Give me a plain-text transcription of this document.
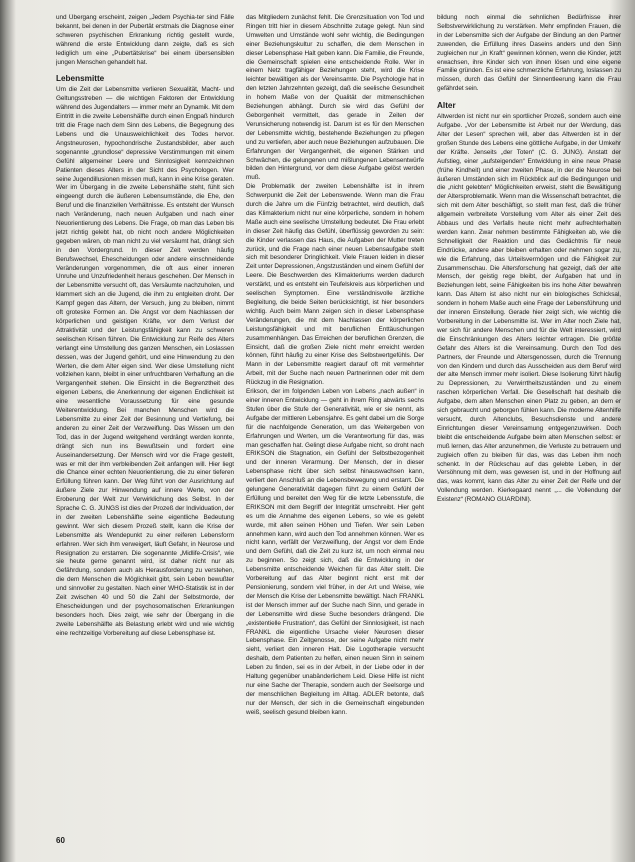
und Übergang erscheint, zeigen „Jedem Psychia-ter sind Fälle bekannt, bei denen in der Pubertät erstmals die Diagnose einer schweren psychischen Erkrankung richtig gestellt wurde, während die erste Entwicklung dann zeigte, daß es sich lediglich um eine „Pubertätskrise“ bei einem übersensiblen jungen Menschen gehandelt hat.

Lebensmitte

Um die Zeit der Lebensmitte verlieren Sexualität, Macht- und Geltungsstreben — die wichtigen Faktoren der Entwicklung während des Jugendalters — immer mehr an Dynamik. Mit dem Eintritt in die zweite Lebenshälfte durch einen Engpaß hindurch tritt die Frage nach dem Sinn des Lebens, die Begegnung des Lebens und die Unausweichlichkeit des Todes hervor. Angstneurosen, hypochondrische Zustandsbilder, aber auch sogenannte „grundlose“ depressive Verstimmungen mit einem Gefühl allgemeiner Leere und Sinnlosigkeit kennzeichnen Patienten dieses Alters in der Sicht des Psychologen. Wer seine Jugendillusionen missen muß, kann in eine Krise geraten. Wer im Übergang in die zweite Lebenshälfte steht, fühlt sich eingeengt durch die äußeren Lebensumstände, die Ehe, den Beruf und die finanziellen Verhältnisse. Es entsteht der Wunsch nach Veränderung, nach neuen Aufgaben und nach einer Neuorientierung des Lebens. Die Frage, ob man das Leben bis jetzt richtig gelebt hat, ob nicht noch andere Möglichkeiten gegeben wären, ob man nicht zu viel versäumt hat, drängt sich in den Vordergrund. In dieser Zeit werden häufig Berufswechsel, Ehescheidungen oder andere einschneidende Veränderungen vorgenommen, die oft aus einer inneren Unruhe und Unzufriedenheit heraus geschehen. Der Mensch in der Lebensmitte versucht oft, das Versäumte nachzuholen, und klammert sich an die Jugend, die ihm zu entgleiten droht. Der Kampf gegen das Altern, der Versuch, jung zu bleiben, nimmt oft groteske Formen an. Die Angst vor dem Nachlassen der körperlichen und geistigen Kräfte, vor dem Verlust der Attraktivität und der Leistungsfähigkeit kann zu schweren seelischen Krisen führen. Die Entwicklung zur Reife des Alters verlangt eine Umstellung des ganzen Menschen, ein Loslassen dessen, was der Jugend gehört, und eine Hinwendung zu den Werten, die dem Alter eigen sind. Wer diese Umstellung nicht vollziehen kann, bleibt in einer unfruchtbaren Verhaftung an die Vergangenheit stehen. Die Einsicht in die Begrenztheit des eigenen Lebens, die Anerkennung der eigenen Endlichkeit ist eine wesentliche Voraussetzung für eine gesunde Weiterentwicklung. Bei manchen Menschen wird die Lebensmitte zu einer Zeit der Besinnung und Vertiefung, bei anderen zu einer Zeit der Verzweiflung. Das Wissen um den Tod, das in der Jugend weitgehend verdrängt werden konnte, drängt sich nun ins Bewußtsein und fordert eine Auseinandersetzung. Der Mensch wird vor die Frage gestellt, was er mit der ihm verbleibenden Zeit anfangen will. Hier liegt die Chance einer echten Neuorientierung, die zu einer tieferen Erfüllung führen kann. Der Weg führt von der Ausrichtung auf äußere Ziele zur Hinwendung auf innere Werte, von der Eroberung der Welt zur Verwirklichung des Selbst. In der Sprache C. G. JUNGS ist dies der Prozeß der Individuation, der in der zweiten Lebenshälfte seine eigentliche Bedeutung gewinnt. Wer sich diesem Prozeß stellt, kann die Krise der Lebensmitte als Wendepunkt zu einer reiferen Lebensform erfahren. Wer sich ihm verweigert, läuft Gefahr, in Neurose und Resignation zu erstarren. Die sogenannte „Midlife-Crisis“, wie sie heute gerne genannt wird, ist daher nicht nur als Gefährdung, sondern auch als Herausforderung zu verstehen, die dem Menschen die Möglichkeit gibt, sein Leben bewußter und sinnvoller zu gestalten. Nach einer WHO-Statistik ist in der Zeit zwischen 40 und 50 die Zahl der Selbstmorde, der Ehescheidungen und der psychosomatischen Erkrankungen besonders hoch. Dies zeigt, wie sehr der Übergang in die zweite Lebenshälfte als Belastung erlebt wird und wie wichtig eine rechtzeitige Vorbereitung auf diese Lebensphase ist.

das Mitgliedern zunächst fehlt. Die Grenzsituation von Tod und Ringen tritt hier in diesem Abschnitte zutage gelegt. Nun sind Umwelten und Umstände wohl sehr wichtig, die Bedingungen einer Beziehungskultur zu schaffen, die dem Menschen in dieser Lebensphase Halt geben kann. Die Familie, die Freunde, die Gemeinschaft spielen eine entscheidende Rolle. Wer in einem Netz tragfähiger Beziehungen steht, wird die Krise leichter bewältigen als der Vereinsamte. Die Psychologie hat in den letzten Jahrzehnten gezeigt, daß die seelische Gesundheit in hohem Maße von der Qualität der mitmenschlichen Beziehungen abhängt. Durch sie wird das Gefühl der Geborgenheit vermittelt, das gerade in Zeiten der Verunsicherung notwendig ist. Darum ist es für den Menschen der Lebensmitte wichtig, bestehende Beziehungen zu pflegen und zu vertiefen, aber auch neue Beziehungen aufzubauen. Die Erfahrungen der Vergangenheit, die eigenen Stärken und Schwächen, die gelungenen und mißlungenen Lebensentwürfe bilden den Hintergrund, vor dem diese Aufgabe gelöst werden muß.

Die Problematik der zweiten Lebenshälfte ist in ihrem Schwerpunkt die Zeit der Lebenswende. Wenn man die Frau durch die Jahre um die Fünfzig betrachtet, wird deutlich, daß das Klimakterium nicht nur eine körperliche, sondern in hohem Maße auch eine seelische Umstellung bedeutet. Die Frau erlebt in dieser Zeit häufig das Gefühl, überflüssig geworden zu sein: die Kinder verlassen das Haus, die Aufgaben der Mutter treten zurück, und die Frage nach einer neuen Lebensaufgabe stellt sich mit besonderer Dringlichkeit. Viele Frauen leiden in dieser Zeit unter Depressionen, Angstzuständen und einem Gefühl der Leere. Die Beschwerden des Klimakteriums werden dadurch verstärkt, und es entsteht ein Teufelskreis aus körperlichen und seelischen Symptomen. Eine verständnisvolle ärztliche Begleitung, die beide Seiten berücksichtigt, ist hier besonders wichtig. Auch beim Mann zeigen sich in dieser Lebensphase Veränderungen, die mit dem Nachlassen der körperlichen Leistungsfähigkeit und mit beruflichen Enttäuschungen zusammenhängen. Das Erreichen der beruflichen Grenzen, die Einsicht, daß die großen Ziele nicht mehr erreicht werden können, führt häufig zu einer Krise des Selbstwertgefühls. Der Mann in der Lebensmitte reagiert darauf oft mit vermehrter Arbeit, mit der Suche nach neuen Partnerinnen oder mit dem Rückzug in die Resignation.

Erikson, der im folgenden Leben von Lebens „nach außen“ in einer inneren Entwicklung — geht in ihrem Ring abwärts sechs Stufen über die Stufe der Generativität, wie er sie nennt, als Aufgabe der mittleren Lebensjahre. Es geht dabei um die Sorge für die nachfolgende Generation, um das Weitergeben von Erfahrungen und Werten, um die Verantwortung für das, was man geschaffen hat. Gelingt diese Aufgabe nicht, so droht nach ERIKSON die Stagnation, ein Gefühl der Selbstbezogenheit und der inneren Verarmung. Der Mensch, der in dieser Lebensphase nicht über sich selbst hinauswachsen kann, verliert den Anschluß an die Lebensbewegung und erstarrt. Die gelungene Generativität dagegen führt zu einem Gefühl der Erfüllung und bereitet den Weg für die letzte Lebensstufe, die ERIKSON mit dem Begriff der Integrität umschreibt. Hier geht es um die Annahme des eigenen Lebens, so wie es gelebt wurde, mit allen seinen Höhen und Tiefen. Wer sein Leben annehmen kann, wird auch den Tod annehmen können. Wer es nicht kann, verfällt der Verzweiflung, der Angst vor dem Ende und dem Gefühl, daß die Zeit zu kurz ist, um noch einmal neu zu beginnen. So zeigt sich, daß die Entwicklung in der Lebensmitte entscheidende Weichen für das Alter stellt. Die Vorbereitung auf das Alter beginnt nicht erst mit der Pensionierung, sondern viel früher, in der Art und Weise, wie der Mensch die Krise der Lebensmitte bewältigt. Nach FRANKL ist der Mensch immer auf der Suche nach Sinn, und gerade in der Lebensmitte wird diese Suche besonders drängend. Die „existentielle Frustration“, das Gefühl der Sinnlosigkeit, ist nach FRANKL die eigentliche Ursache vieler Neurosen dieser Lebensphase. Ein Zeitgenosse, der seine Aufgabe nicht mehr sieht, verliert den inneren Halt. Die Logotherapie versucht deshalb, dem Patienten zu helfen, einen neuen Sinn in seinem Leben zu finden, sei es in der Arbeit, in der Liebe oder in der Haltung gegenüber unabänderlichem Leid. Diese Hilfe ist nicht nur eine Sache der Therapie, sondern auch der Seelsorge und der menschlichen Begleitung im Alltag. ADLER betonte, daß nur der Mensch, der sich in die Gemeinschaft eingebunden weiß, seelisch gesund bleiben kann.

bildung noch einmal die sehnlichen Bedürfnisse ihrer Selbstverwirklichung zu verstärken. Mehr empfinden Frauen, die in der Lebensmitte sich der Aufgabe der Bindung an den Partner zuwenden, die Erfüllung ihres Daseins anders und den Sinn zugleichen nur „in Kraft“ gewinnen können, wenn die Kinder, jetzt erwachsen, ihre Kinder sich von ihnen lösen und eine eigene Familie gründen. Es ist eine schmerzliche Erfahrung, loslassen zu müssen, durch das Gefühl der Sinnentleerung kann die Frau gefährdet sein.

Alter

Altwerden ist nicht nur ein sportlicher Prozeß, sondern auch eine Aufgabe. „Vor der Lebensmitte ist Arbeit nur der Werdung, das Alter der Lesen“ sprechen will, aber das Altwerden ist in der großen Stunde des Lebens eine göttliche Aufgabe, in der Umkehr der Kräfte. Jenseits „der Toten“ (C. G. JUNG). Anstatt der Aufstieg, einer „aufsteigenden“ Entwicklung in eine neue Phase (frühe Kindheit) und einer zweiten Phase, in der die Neurose bei äußeren Umständen sich im Rückblick auf die Bedingungen und die „nicht gelebten“ Möglichkeiten erweist, steht die Bewältigung der Altersproblematik. Wenn man die Wissenschaft betrachtet, die sich mit dem Alter beschäftigt, so stellt man fest, daß die früher allgemein verbreitete Vorstellung vom Alter als einer Zeit des Abbaus und des Verfalls heute nicht mehr aufrechterhalten werden kann. Zwar nehmen bestimmte Fähigkeiten ab, wie die Schnelligkeit der Reaktion und das Gedächtnis für neue Eindrücke, andere aber bleiben erhalten oder nehmen sogar zu, wie die Erfahrung, das Urteilsvermögen und die Fähigkeit zur Zusammenschau. Die Altersforschung hat gezeigt, daß der alte Mensch, der geistig rege bleibt, der Aufgaben hat und in Beziehungen lebt, seine Fähigkeiten bis ins hohe Alter bewahren kann. Das Altern ist also nicht nur ein biologisches Schicksal, sondern in hohem Maße auch eine Frage der Lebensführung und der inneren Einstellung. Gerade hier zeigt sich, wie wichtig die Vorbereitung in der Lebensmitte ist. Wer im Alter noch Ziele hat, wer sich für andere Menschen und für die Welt interessiert, wird die Einschränkungen des Alters leichter ertragen. Die größte Gefahr des Alters ist die Vereinsamung. Durch den Tod des Partners, der Freunde und Altersgenossen, durch die Trennung von den Kindern und durch das Ausscheiden aus dem Beruf wird der alte Mensch immer mehr isoliert. Diese Isolierung führt häufig zu Depressionen, zu Verwirrtheitszuständen und zu einem raschen körperlichen Verfall. Die Gesellschaft hat deshalb die Aufgabe, dem alten Menschen einen Platz zu geben, an dem er sich gebraucht und geborgen fühlen kann. Die moderne Altenhilfe versucht, durch Altenclubs, Besuchsdienste und andere Einrichtungen dieser Vereinsamung entgegenzuwirken. Doch bleibt die entscheidende Aufgabe beim alten Menschen selbst: er muß lernen, das Alter anzunehmen, die Verluste zu betrauern und zugleich offen zu bleiben für das, was das Leben ihm noch schenkt. In der Rückschau auf das gelebte Leben, in der Versöhnung mit dem, was gewesen ist, und in der Hoffnung auf das, was kommt, kann das Alter zu einer Zeit der Reife und der Vollendung werden. Kierkegaard nennt „... die Vollendung der Existenz“ (ROMANO GUARDINI).

60
